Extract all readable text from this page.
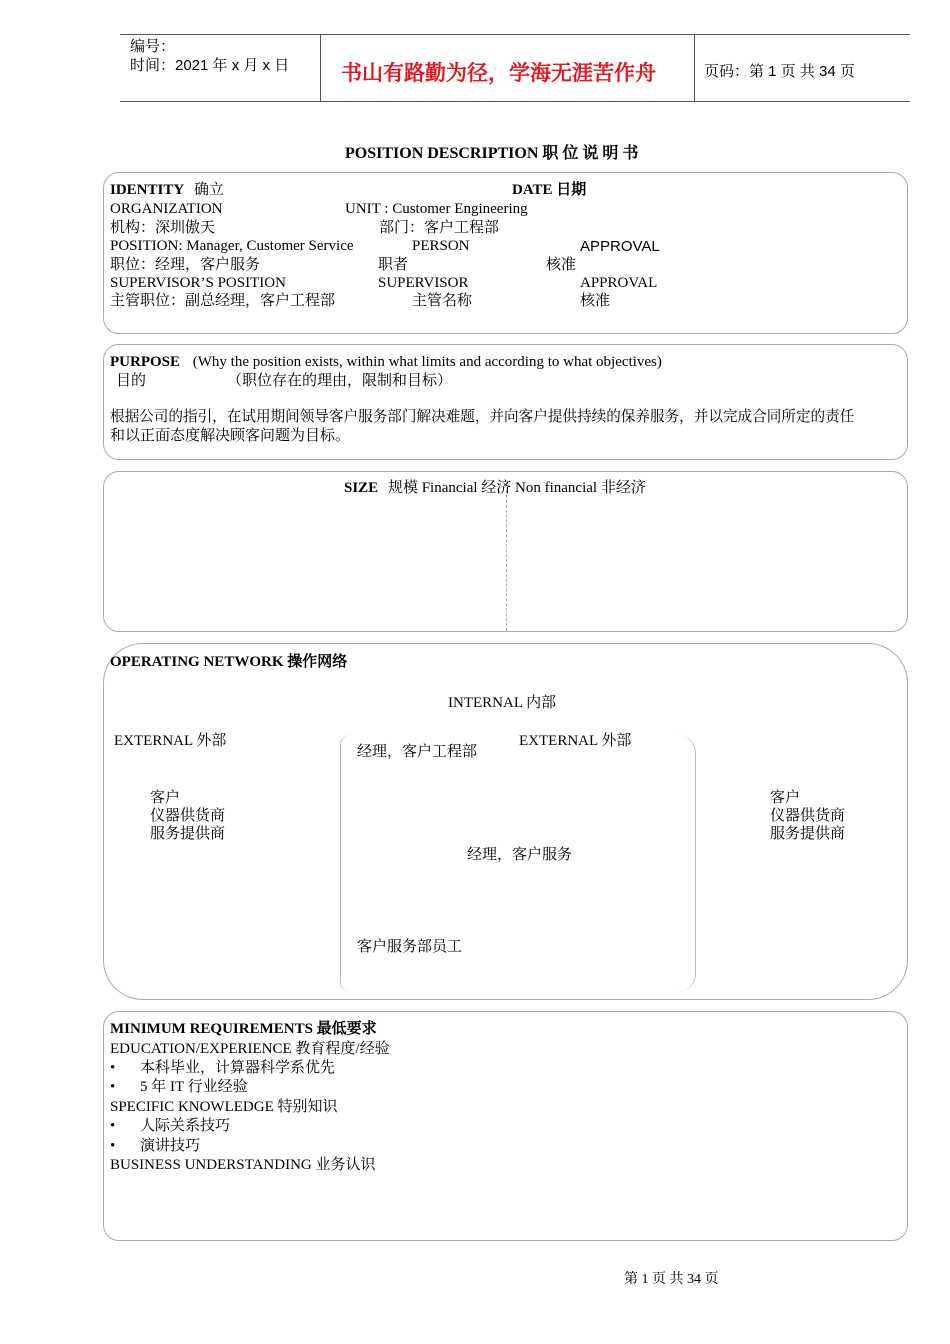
编号：
时间：2021 年 x 月 x 日 书山有路勤为径，学海无涯苦作舟	页码：第 1 页 共 34 页
POSITION DESCRIPTION 职 位 说 明 书
IDENTITY 确立	DATE 日期
ORGANIZATION	UNIT : Customer Engineering
机构：深圳傲天	部门：客户工程部
POSITION: Manager, Customer Service	PERSON	APPROVAL
职位：经理，客户服务	职者	核准
SUPERVISOR’S POSITION	SUPERVISOR	APPROVAL
主管职位：副总经理，客户工程部	主管名称	核准
PURPOSE (Why the position exists, within what limits and according to what objectives)
目的	（职位存在的理由，限制和目标）
根据公司的指引，在试用期间领导客户服务部门解决难题，并向客户提供持续的保养服务，并以完成合同所定的责任
和以正面态度解决顾客问题为目标。
SIZE 规模 Financial 经济 Non financial 非经济
OPERATING NETWORK 操作网络
INTERNAL 内部
EXTERNAL 外部	EXTERNAL 外部
客户
仪器供货商
服务提供商
客户
仪器供货商
服务提供商
经理，客户工程部
经理，客户服务
客户服务部员工
MINIMUM REQUIREMENTS 最低要求
EDUCATION/EXPERIENCE 教育程度/经验
• 本科毕业，计算器科学系优先
• 5 年 IT 行业经验
SPECIFIC KNOWLEDGE 特别知识
• 人际关系技巧
• 演讲技巧
BUSINESS UNDERSTANDING 业务认识
第 1 页 共 34 页
